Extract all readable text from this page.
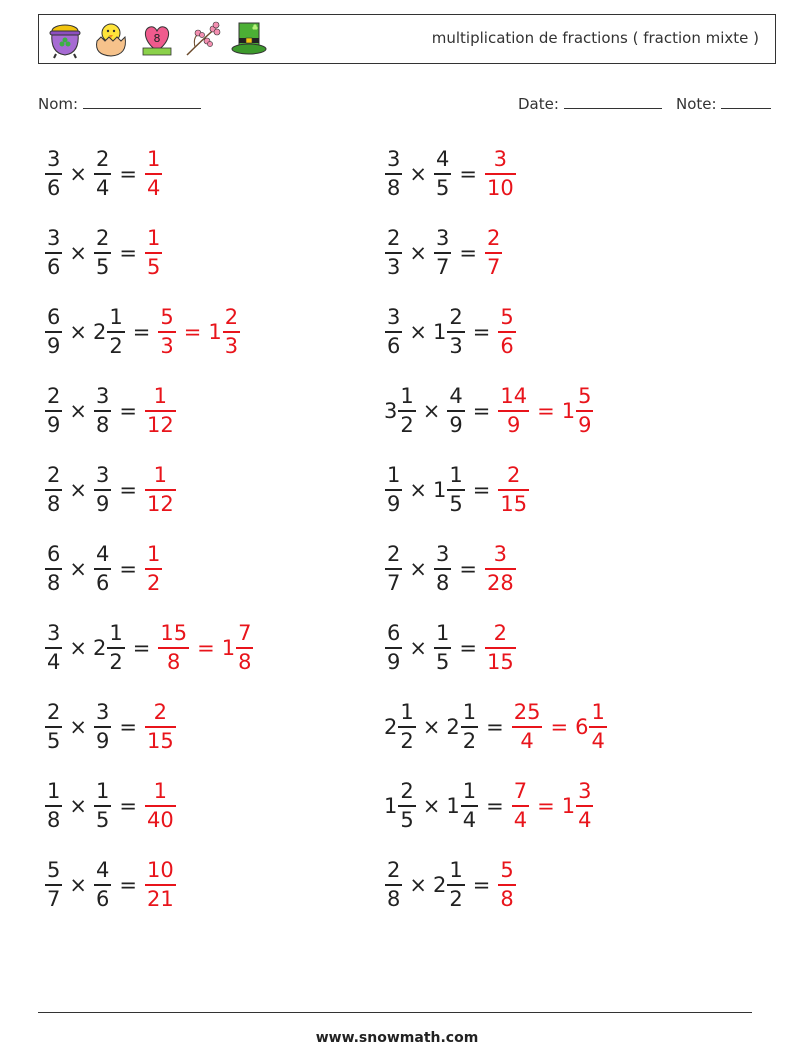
8	multiplication de fractions ( fraction mixte )
Nom:	Date:	Note:
$\frac{3}{6} \times \frac{2}{4} = \frac{1}{4}$	$\frac{3}{8} \times \frac{4}{5} = \frac{3}{10}$
$\frac{3}{6} \times \frac{2}{5} = \frac{1}{5}$	$\frac{2}{3} \times \frac{3}{7} = \frac{2}{7}$
$\frac{6}{9} \times 2 \frac{1}{2} = \frac{5}{3} = 1 \frac{2}{3}$	$\frac{3}{6} \times 1 \frac{2}{3} = \frac{5}{6}$
$\frac{2}{9} \times \frac{3}{8} = \frac{1}{12}$	$3 \frac{1}{2} \times \frac{4}{9} = \frac{14}{9} = 1 \frac{5}{9}$
$\frac{2}{8} \times \frac{3}{9} = \frac{1}{12}$	$\frac{1}{9} \times 1 \frac{1}{5} = \frac{2}{15}$
$\frac{6}{8} \times \frac{4}{6} = \frac{1}{2}$	$\frac{2}{7} \times \frac{3}{8} = \frac{3}{28}$
$\frac{3}{4} \times 2 \frac{1}{2} = \frac{15}{8} = 1 \frac{7}{8}$	$\frac{6}{9} \times \frac{1}{5} = \frac{2}{15}$
$\frac{2}{5} \times \frac{3}{9} = \frac{2}{15}$	$2 \frac{1}{2} \times 2 \frac{1}{2} = \frac{25}{4} = 6 \frac{1}{4}$
$\frac{1}{8} \times \frac{1}{5} = \frac{1}{40}$	$1 \frac{2}{5} \times 1 \frac{1}{4} = \frac{7}{4} = 1 \frac{3}{4}$
$\frac{5}{7} \times \frac{4}{6} = \frac{10}{21}$	$\frac{2}{8} \times 2 \frac{1}{2} = \frac{5}{8}$
www.snowmath.com
